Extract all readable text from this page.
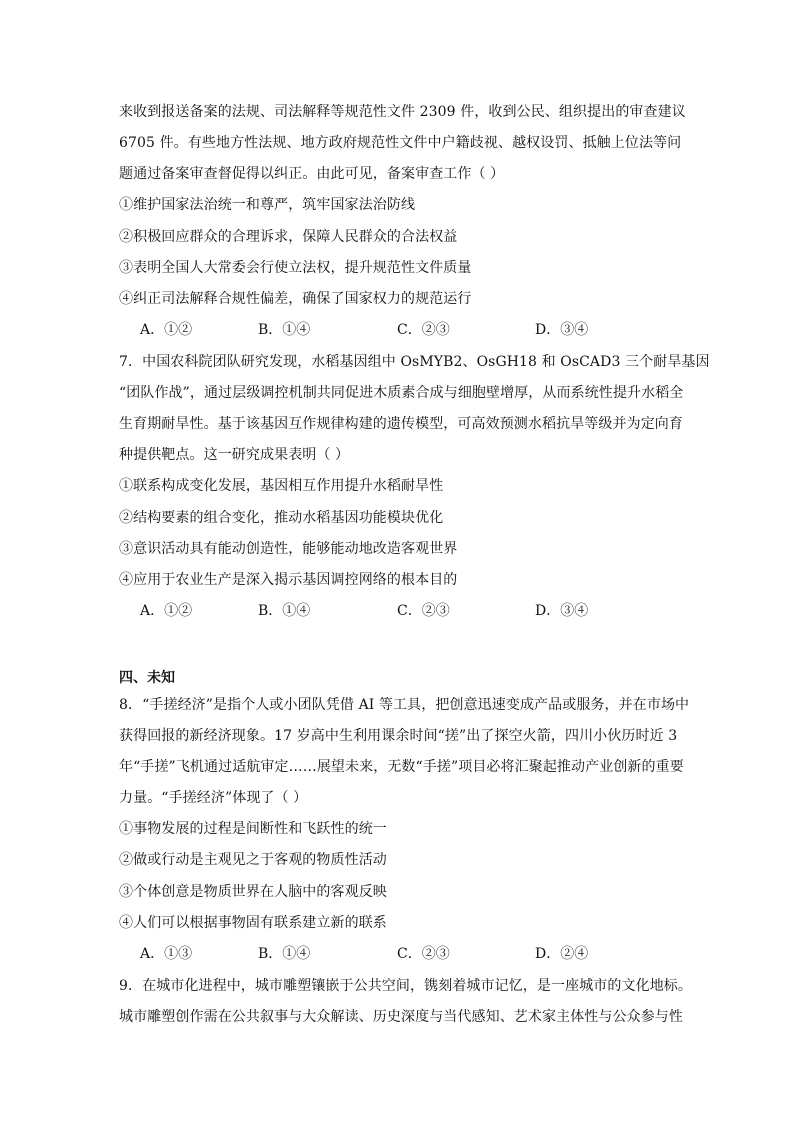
来收到报送备案的法规、司法解释等规范性文件 2309 件，收到公民、组织提出的审查建议
6705 件。有些地方性法规、地方政府规范性文件中户籍歧视、越权设罚、抵触上位法等问
题通过备案审查督促得以纠正。由此可见，备案审查工作（ ）
①维护国家法治统一和尊严，筑牢国家法治防线
②积极回应群众的合理诉求，保障人民群众的合法权益
③表明全国人大常委会行使立法权，提升规范性文件质量
④纠正司法解释合规性偏差，确保了国家权力的规范运行
A．①②	B．①④	C．②③	D．③④
7．中国农科院团队研究发现，水稻基因组中 OsMYB2、OsGH18 和 OsCAD3 三个耐旱基因
“团队作战”，通过层级调控机制共同促进木质素合成与细胞壁增厚，从而系统性提升水稻全
生育期耐旱性。基于该基因互作规律构建的遗传模型，可高效预测水稻抗旱等级并为定向育
种提供靶点。这一研究成果表明（ ）
①联系构成变化发展，基因相互作用提升水稻耐旱性
②结构要素的组合变化，推动水稻基因功能模块优化
③意识活动具有能动创造性，能够能动地改造客观世界
④应用于农业生产是深入揭示基因调控网络的根本目的
A．①②	B．①④	C．②③	D．③④
四、未知
8．“手搓经济”是指个人或小团队凭借 AI 等工具，把创意迅速变成产品或服务，并在市场中
获得回报的新经济现象。17 岁高中生利用课余时间“搓”出了探空火箭，四川小伙历时近 3
年“手搓”飞机通过适航审定……展望未来，无数“手搓”项目必将汇聚起推动产业创新的重要
力量。“手搓经济”体现了（ ）
①事物发展的过程是间断性和飞跃性的统一
②做或行动是主观见之于客观的物质性活动
③个体创意是物质世界在人脑中的客观反映
④人们可以根据事物固有联系建立新的联系
A．①③	B．①④	C．②③	D．②④
9．在城市化进程中，城市雕塑镶嵌于公共空间，镌刻着城市记忆，是一座城市的文化地标。
城市雕塑创作需在公共叙事与大众解读、历史深度与当代感知、艺术家主体性与公众参与性
